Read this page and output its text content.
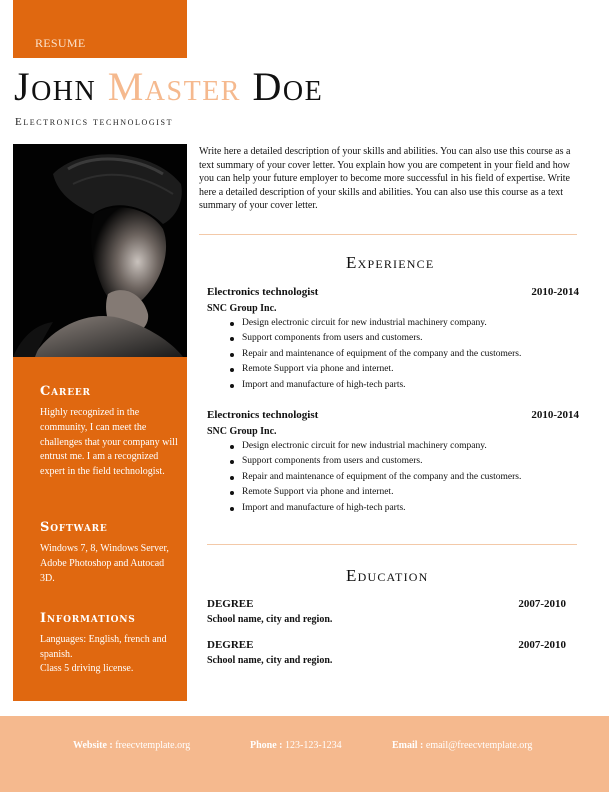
RESUME
John Master Doe
Electronics technologist
Career
Highly recognized in the community, I can meet the challenges that your company will entrust me. I am a recognized expert in the field technologist.
Software
Windows 7, 8, Windows Server, Adobe Photoshop and Autocad 3D.
Informations
Languages: English, french and spanish.
Class 5 driving license.
Write here a detailed description of your skills and abilities. You can also use this course as a text summary of your cover letter. You explain how you are competent in your field and how you can help your future employer to become more successful in his field of expertise. Write here a detailed description of your skills and abilities. You can also use this course as a text summary of your cover letter.
Experience
Electronics technologist	2010-2014
SNC Group Inc.
Design electronic circuit for new industrial machinery company.
Support components from users and customers.
Repair and maintenance of equipment of the company and the customers.
Remote Support via phone and internet.
Import and manufacture of high-tech parts.
Electronics technologist	2010-2014
SNC Group Inc.
Design electronic circuit for new industrial machinery company.
Support components from users and customers.
Repair and maintenance of equipment of the company and the customers.
Remote Support via phone and internet.
Import and manufacture of high-tech parts.
Education
DEGREE	2007-2010
School name, city and region.
DEGREE	2007-2010
School name, city and region.
Website : freecvtemplate.org	Phone : 123-123-1234	Email : email@freecvtemplate.org
